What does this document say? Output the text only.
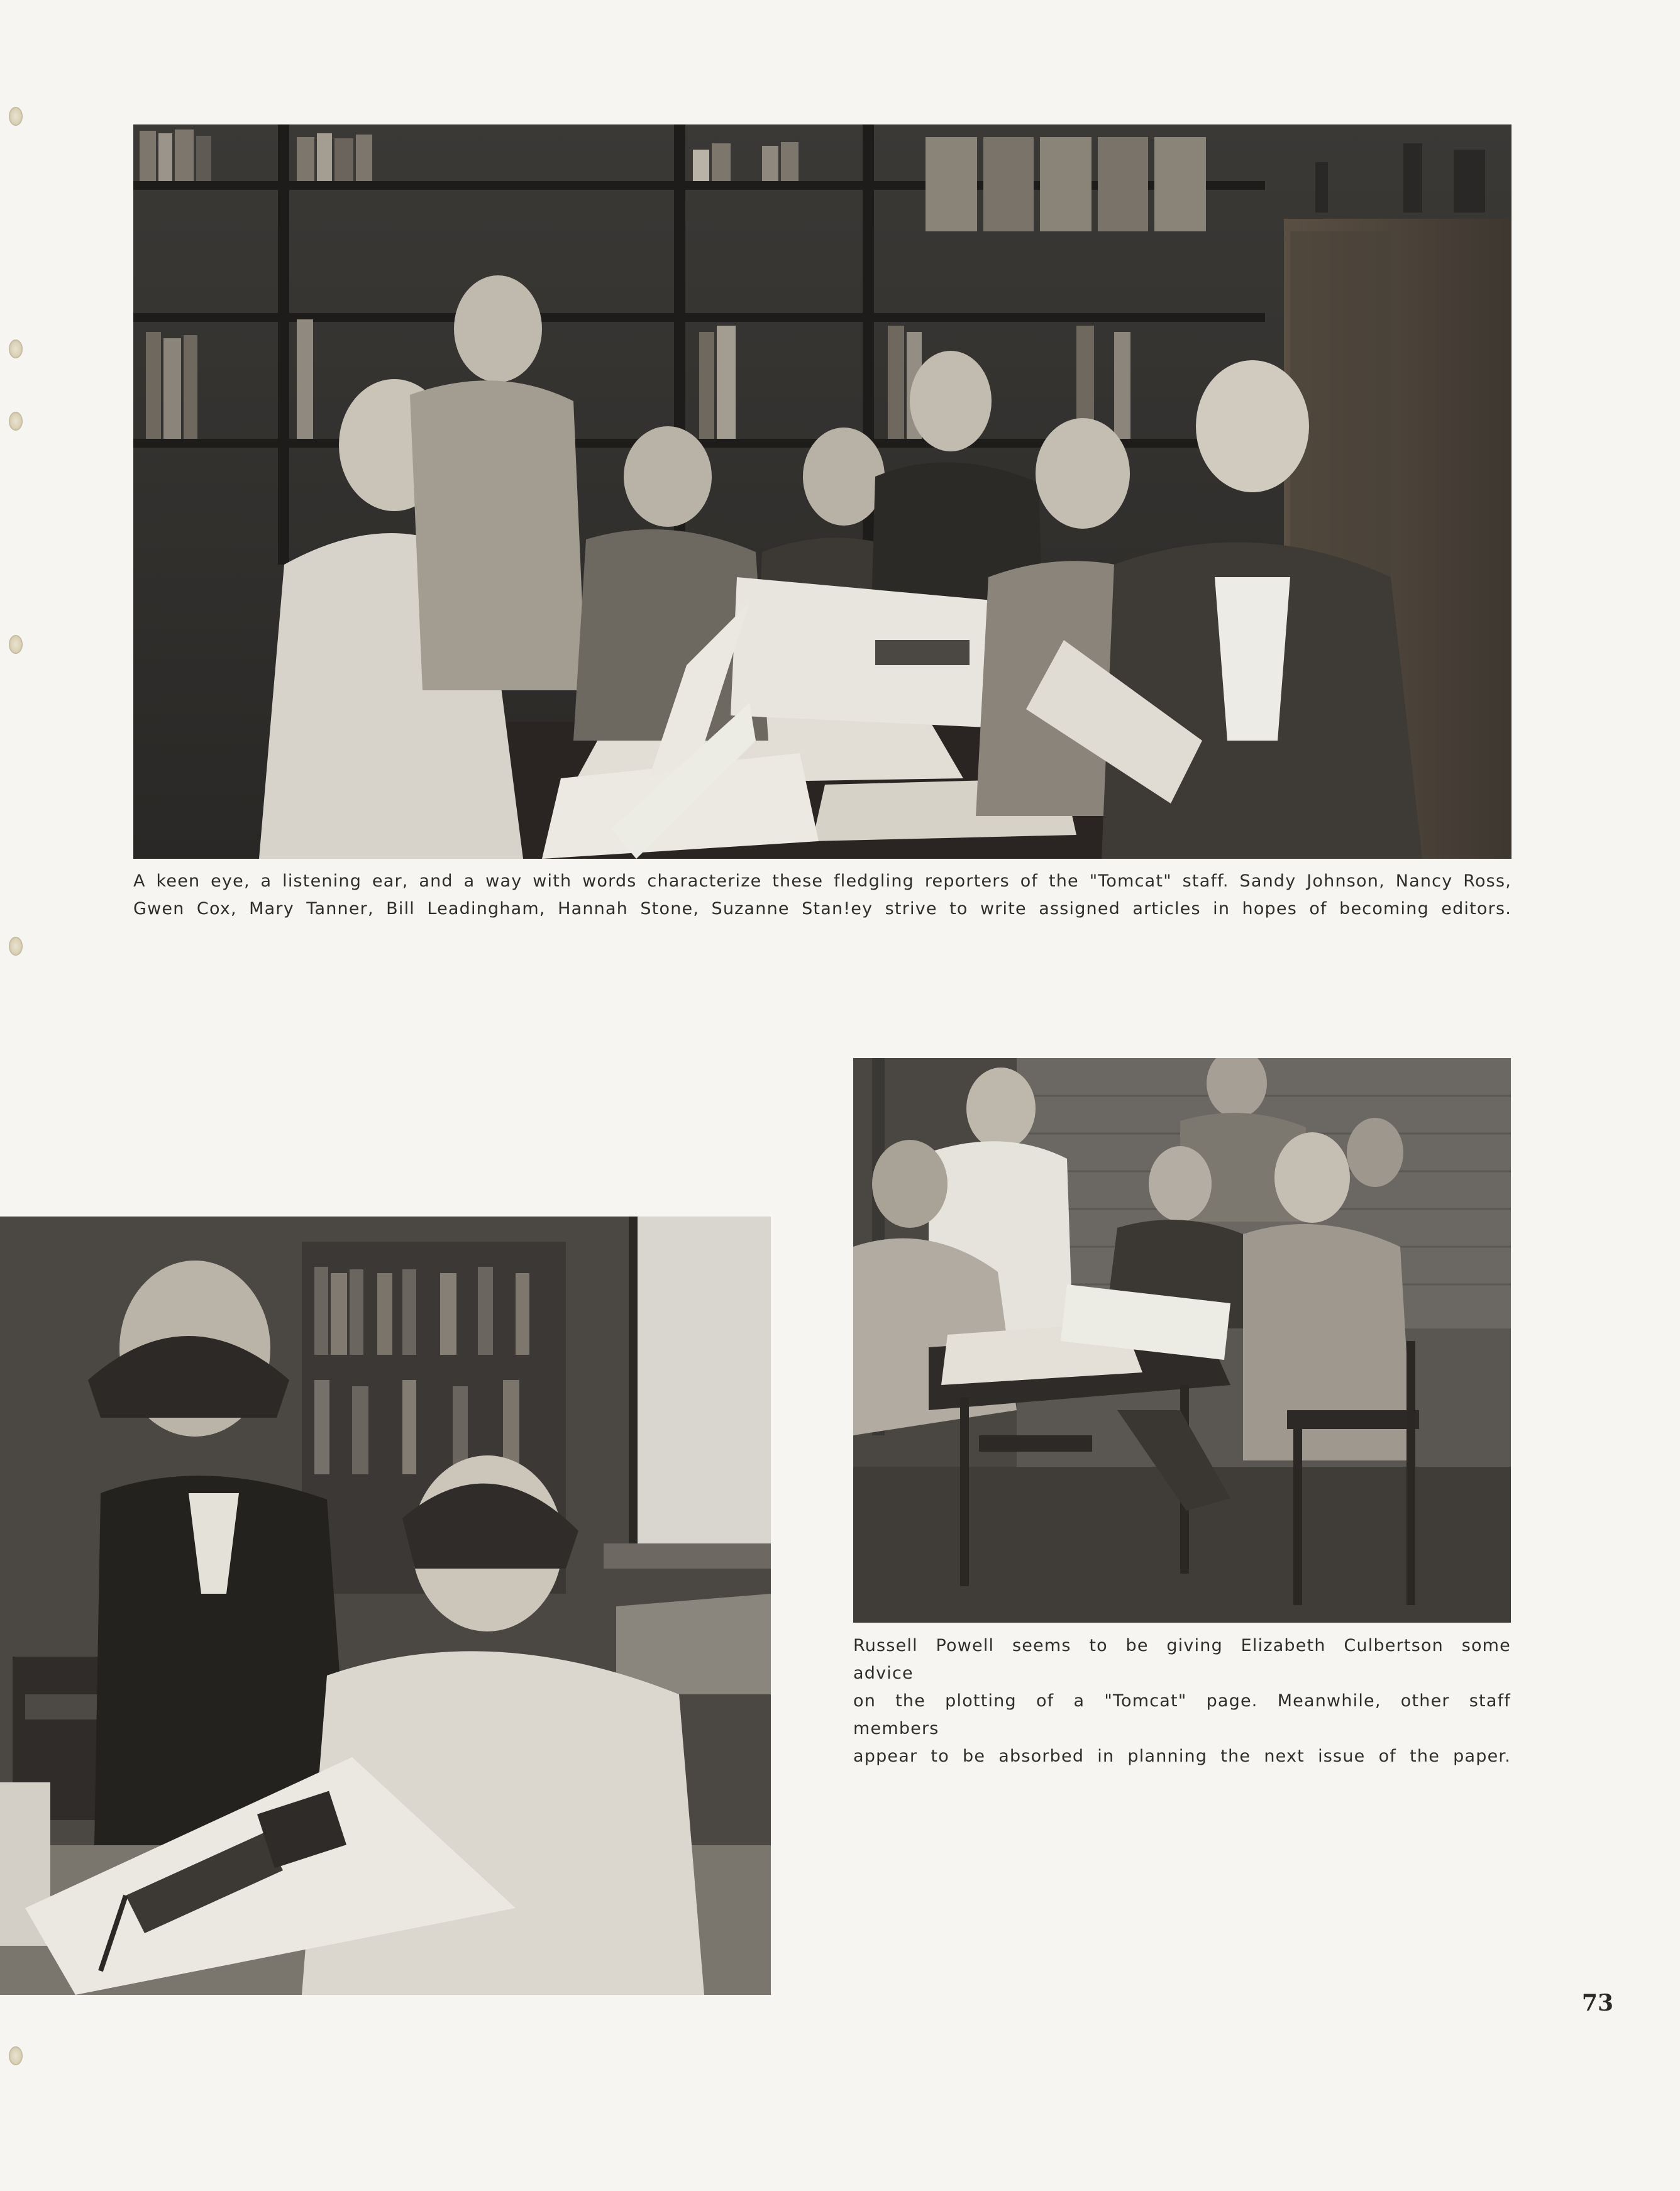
A keen eye, a listening ear, and a way with words characterize these fledgling reporters of the "Tomcat" staff. Sandy Johnson, Nancy Ross,

Gwen Cox, Mary Tanner, Bill Leadingham, Hannah Stone, Suzanne Stan!ey strive to write assigned articles in hopes of becoming editors.

Russell Powell seems to be giving Elizabeth Culbertson some advice

on the plotting of a "Tomcat" page. Meanwhile, other staff members

appear to be absorbed in planning the next issue of the paper.

73
